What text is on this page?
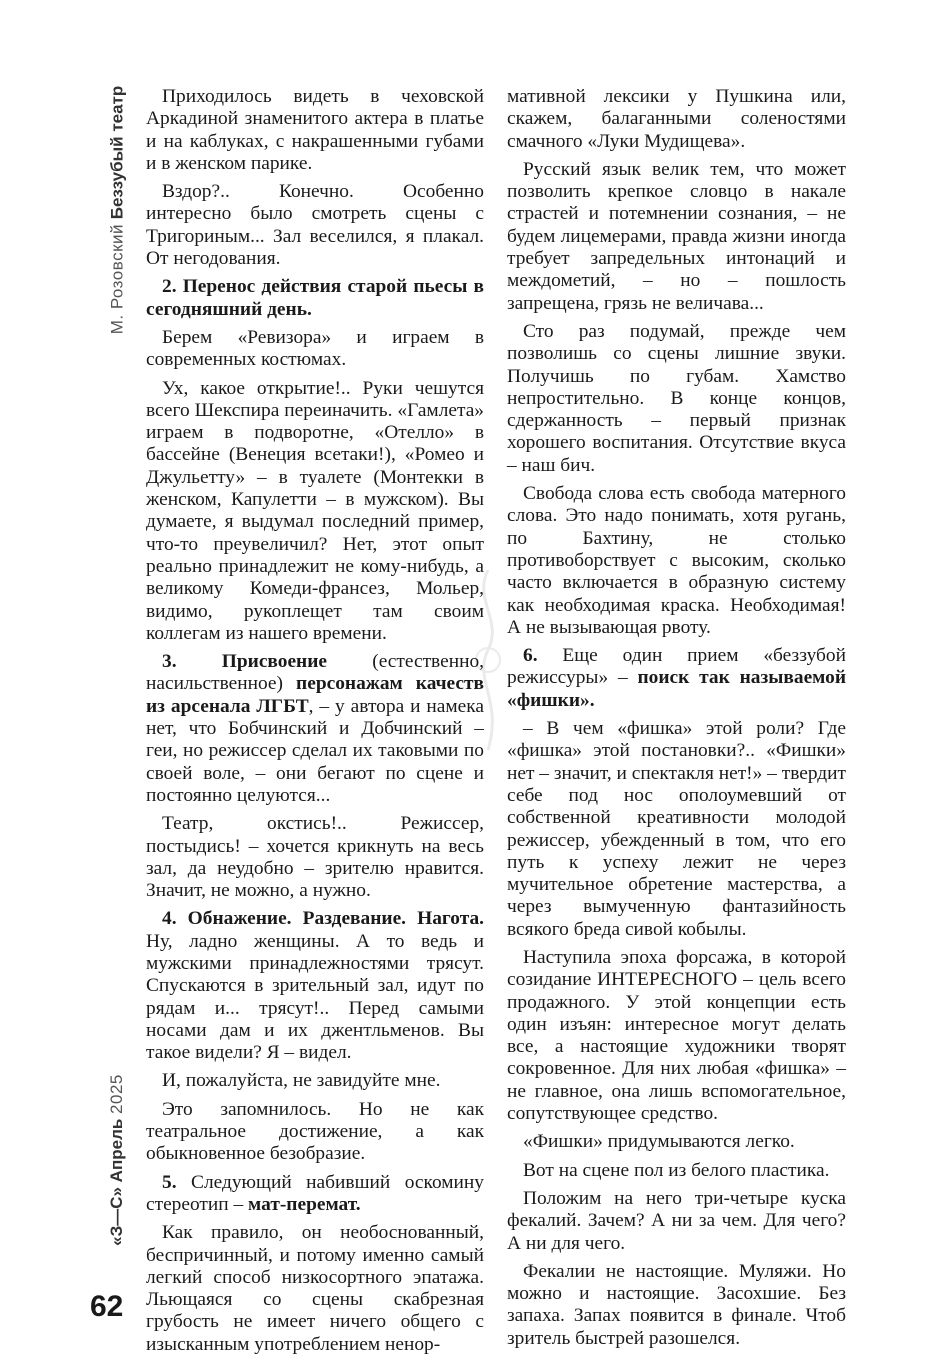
М. Розовский Беззубый театр
«З—С» Апрель 2025
62

Приходилось видеть в чеховской Аркадиной знаменитого актера в платье и на каблуках, с накрашенными губами и в женском парике.

Вздор?.. Конечно. Особенно интересно было смотреть сцены с Тригориным... Зал веселился, я плакал. От негодования.

2. Перенос действия старой пьесы в сегодняшний день.

Берем «Ревизора» и играем в современных костюмах.

Ух, какое открытие!.. Руки чешутся всего Шекспира переиначить. «Гамлета» играем в подворотне, «Отелло» в бассейне (Венеция всетаки!), «Ромео и Джульетту» – в туалете (Монтекки в женском, Капулетти – в мужском). Вы думаете, я выдумал последний пример, что-то преувеличил? Нет, этот опыт реально принадлежит не кому-нибудь, а великому Комеди-франсез, Мольер, видимо, рукоплещет там своим коллегам из нашего времени.

3. Присвоение (естественно, насильственное) персонажам качеств из арсенала ЛГБТ, – у автора и намека нет, что Бобчинский и Добчинский – геи, но режиссер сделал их таковыми по своей воле, – они бегают по сцене и постоянно целуются...

Театр, окстись!.. Режиссер, постыдись! – хочется крикнуть на весь зал, да неудобно – зрителю нравится. Значит, не можно, а нужно.

4. Обнажение. Раздевание. Нагота. Ну, ладно женщины. А то ведь и мужскими принадлежностями трясут. Спускаются в зрительный зал, идут по рядам и... трясут!.. Перед самыми носами дам и их джентльменов. Вы такое видели? Я – видел.

И, пожалуйста, не завидуйте мне.

Это запомнилось. Но не как театральное достижение, а как обыкновенное безобразие.

5. Следующий набивший оскомину стереотип – мат-перемат.

Как правило, он необоснованный, беспричинный, и потому именно самый легкий способ низкосортного эпатажа. Льющаяся со сцены скабрезная грубость не имеет ничего общего с изысканным употреблением ненор-

мативной лексики у Пушкина или, скажем, балаганными соленостями смачного «Луки Мудищева».

Русский язык велик тем, что может позволить крепкое словцо в накале страстей и потемнении сознания, – не будем лицемерами, правда жизни иногда требует запредельных интонаций и междометий, – но – пошлость запрещена, грязь не величава...

Сто раз подумай, прежде чем позволишь со сцены лишние звуки. Получишь по губам. Хамство непростительно. В конце концов, сдержанность – первый признак хорошего воспитания. Отсутствие вкуса – наш бич.

Свобода слова есть свобода матерного слова. Это надо понимать, хотя ругань, по Бахтину, не столько противоборствует с высоким, сколько часто включается в образную систему как необходимая краска. Необходимая! А не вызывающая рвоту.

6. Еще один прием «беззубой режиссуры» – поиск так называемой «фишки».

– В чем «фишка» этой роли? Где «фишка» этой постановки?.. «Фишки» нет – значит, и спектакля нет!» – твердит себе под нос ополоумевший от собственной креативности молодой режиссер, убежденный в том, что его путь к успеху лежит не через мучительное обретение мастерства, а через вымученную фантазийность всякого бреда сивой кобылы.

Наступила эпоха форсажа, в которой созидание ИНТЕРЕСНОГО – цель всего продажного. У этой концепции есть один изъян: интересное могут делать все, а настоящие художники творят сокровенное. Для них любая «фишка» – не главное, она лишь вспомогательное, сопутствующее средство.

«Фишки» придумываются легко.

Вот на сцене пол из белого пластика.

Положим на него три-четыре куска фекалий. Зачем? А ни за чем. Для чего? А ни для чего.

Фекалии не настоящие. Муляжи. Но можно и настоящие. Засохшие. Без запаха. Запах появится в финале. Чтоб зритель быстрей разошелся.
